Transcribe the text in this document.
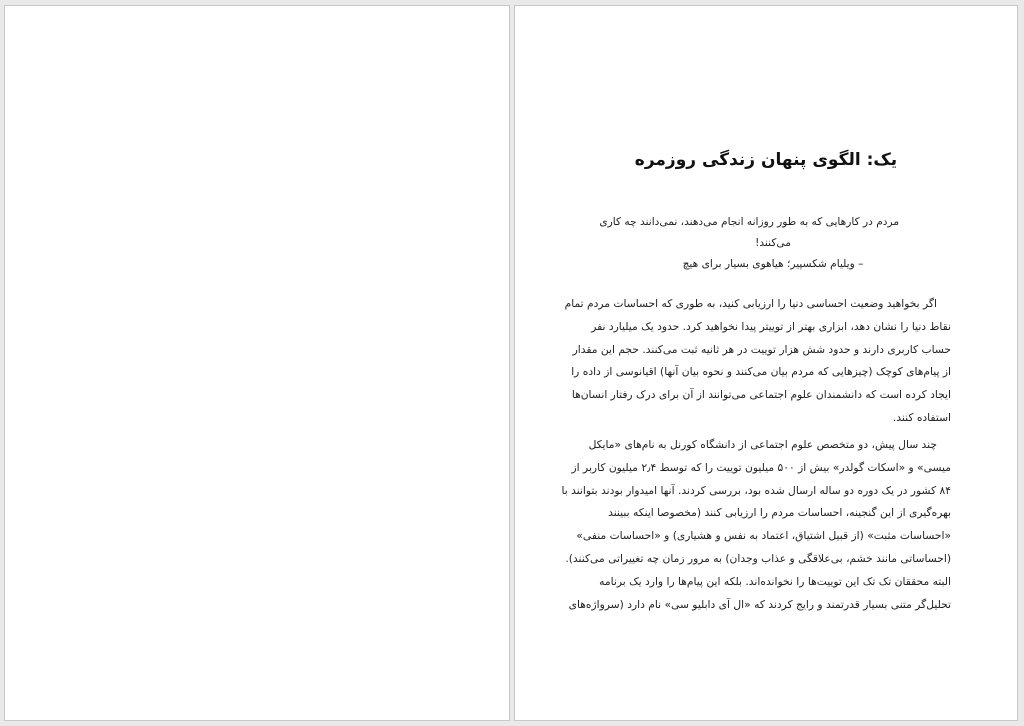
یک: الگوی پنهان زندگی روزمره
مردم در کارهایی که به طور روزانه انجام می‌دهند، نمی‌دانند چه کاری
می‌کنند!
– ویلیام شکسپیر؛ هیاهوی بسیار برای هیچ
اگر بخواهید وضعیت احساسی دنیا را ارزیابی کنید، به طوری که احساسات مردم تمام
نقاط دنیا را نشان دهد، ابزاری بهتر از توییتر پیدا نخواهید کرد. حدود یک میلیارد نفر
حساب کاربری دارند و حدود شش هزار توییت در هر ثانیه ثبت می‌کنند. حجم این مقدار
از پیام‌های کوچک (چیزهایی که مردم بیان می‌کنند و نحوه بیان آنها) اقیانوسی از داده را
ایجاد کرده است که دانشمندان علوم اجتماعی می‌توانند از آن برای درک رفتار انسان‌ها
استفاده کنند.
چند سال پیش، دو متخصص علوم اجتماعی از دانشگاه کورنل به نام‌های «مایکل
میسی» و «اسکات گولدر» بیش از ۵۰۰ میلیون توییت را که توسط ۲٫۴ میلیون کاربر از
۸۴ کشور در یک دوره دو ساله ارسال شده بود، بررسی کردند. آنها امیدوار بودند بتوانند با
بهره‌گیری از این گنجینه، احساسات مردم را ارزیابی کنند (مخصوصا اینکه ببینند
«احساسات مثبت» (از قبیل اشتیاق، اعتماد به نفس و هشیاری) و «احساسات منفی»
(احساساتی مانند خشم، بی‌علاقگی و عذاب وجدان) به مرور زمان چه تغییراتی می‌کنند).
البته محققان تک تک این توییت‌ها را نخوانده‌اند. بلکه این پیام‌ها را وارد یک برنامه
تحلیل‌گر متنی بسیار قدرتمند و رایج کردند که «ال آی دابلیو سی» نام دارد (سرواژه‌های
